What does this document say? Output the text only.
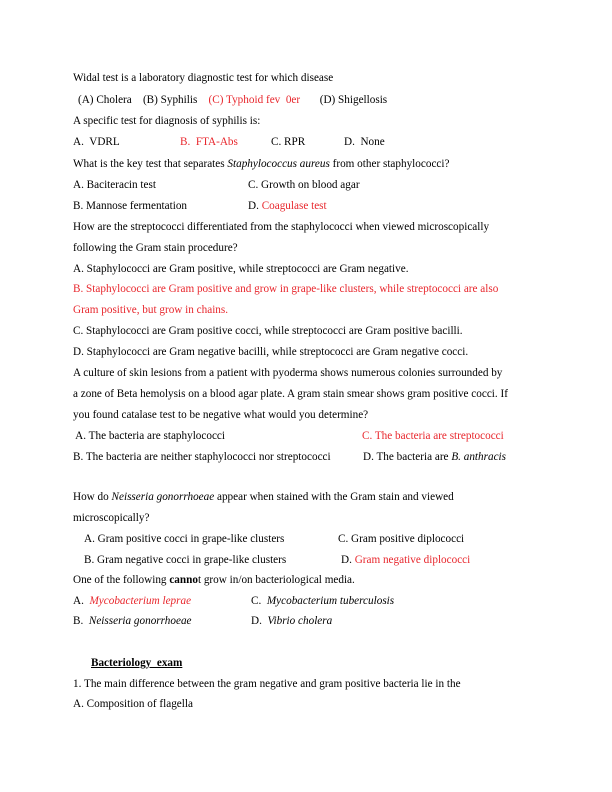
Widal test is a laboratory diagnostic test for which disease
(A) Cholera (B) Syphilis (C) Typhoid fev  0er (D) Shigellosis
A specific test for diagnosis of syphilis is:
A.  VDRL	B.  FTA-Abs	C. RPR	D.  None
What is the key test that separates Staphylococcus aureus from other staphylococci?
A. Baciteracin test	C. Growth on blood agar
B. Mannose fermentation	D. Coagulase test
How are the streptococci differentiated from the staphylococci when viewed microscopically
following the Gram stain procedure?
A. Staphylococci are Gram positive, while streptococci are Gram negative.
B. Staphylococci are Gram positive and grow in grape-like clusters, while streptococci are also
Gram positive, but grow in chains.
C. Staphylococci are Gram positive cocci, while streptococci are Gram positive bacilli.
D. Staphylococci are Gram negative bacilli, while streptococci are Gram negative cocci.
A culture of skin lesions from a patient with pyoderma shows numerous colonies surrounded by
a zone of Beta hemolysis on a blood agar plate. A gram stain smear shows gram positive cocci. If
you found catalase test to be negative what would you determine?
A. The bacteria are staphylococci	C. The bacteria are streptococci
B. The bacteria are neither staphylococci nor streptococci	D. The bacteria are B. anthracis
How do Neisseria gonorrhoeae appear when stained with the Gram stain and viewed
microscopically?
A. Gram positive cocci in grape-like clusters	C. Gram positive diplococci
B. Gram negative cocci in grape-like clusters	D. Gram negative diplococci
One of the following cannot grow in/on bacteriological media.
A.  Mycobacterium leprae	C.  Mycobacterium tuberculosis
B.  Neisseria gonorrhoeae	D.  Vibrio cholera
Bacteriology  exam
1. The main difference between the gram negative and gram positive bacteria lie in the
A. Composition of flagella
